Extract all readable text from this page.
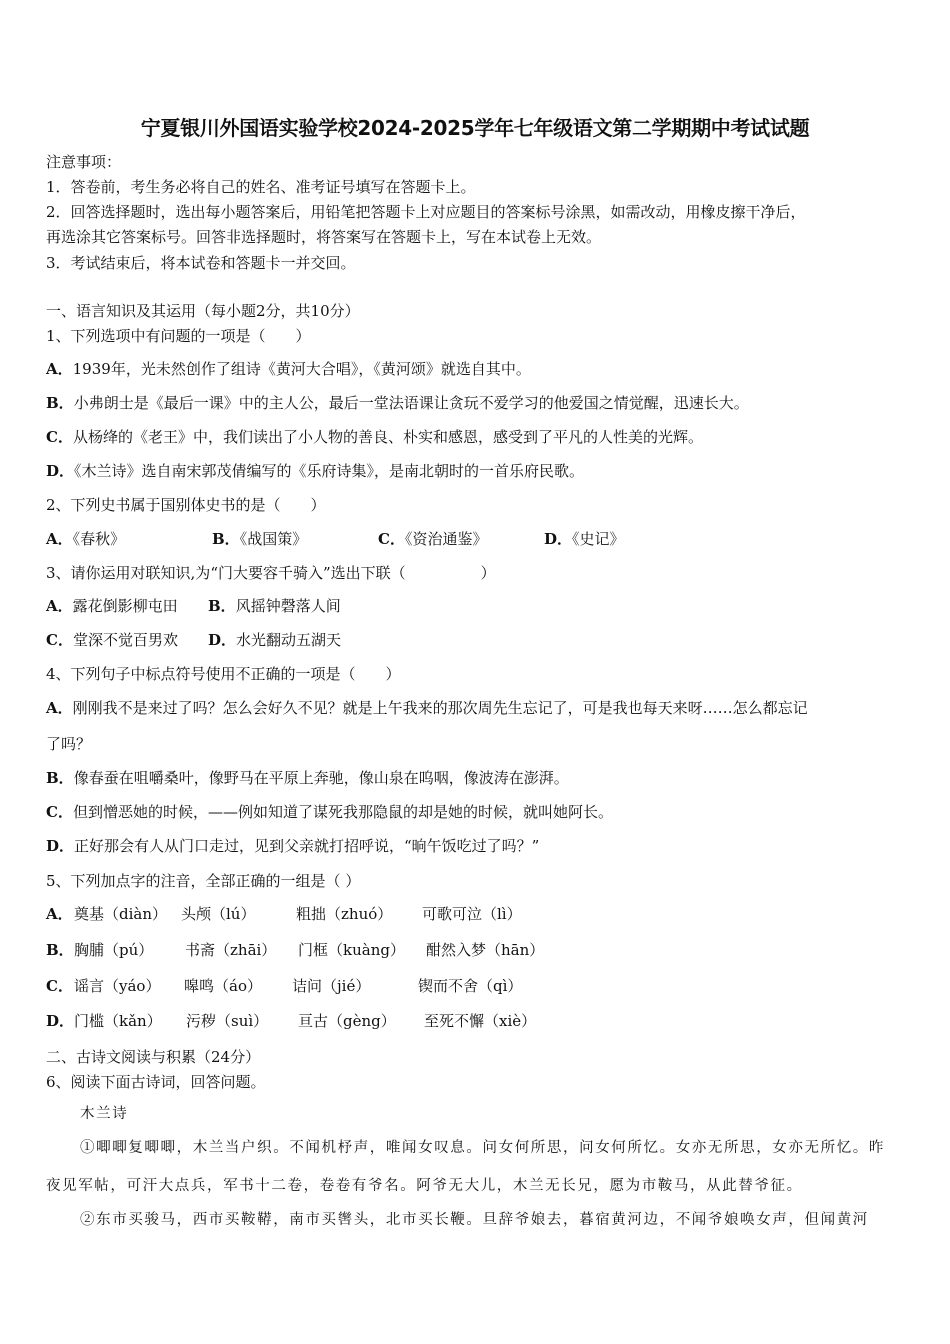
宁夏银川外国语实验学校2024-2025学年七年级语文第二学期期中考试试题
注意事项：
1．答卷前，考生务必将自己的姓名、准考证号填写在答题卡上。
2．回答选择题时，选出每小题答案后，用铅笔把答题卡上对应题目的答案标号涂黑，如需改动，用橡皮擦干净后，
再选涂其它答案标号。回答非选择题时，将答案写在答题卡上，写在本试卷上无效。
3．考试结束后，将本试卷和答题卡一并交回。
一、语言知识及其运用（每小题2分，共10分）
1、下列选项中有问题的一项是（　　）
A．1939年，光未然创作了组诗《黄河大合唱》，《黄河颂》就选自其中。
B．小弗朗士是《最后一课》中的主人公，最后一堂法语课让贪玩不爱学习的他爱国之情觉醒，迅速长大。
C．从杨绛的《老王》中，我们读出了小人物的善良、朴实和感恩，感受到了平凡的人性美的光辉。
D．《木兰诗》选自南宋郭茂倩编写的《乐府诗集》，是南北朝时的一首乐府民歌。
2、下列史书属于国别体史书的是（　　）
A．《春秋》	B．《战国策》	C．《资治通鉴》	D．《史记》
3、请你运用对联知识,为“门大要容千骑入”选出下联（　　　　　）
A．露花倒影柳屯田 B．风摇钟磬落人间
C．堂深不觉百男欢 D．水光翻动五湖天
4、下列句子中标点符号使用不正确的一项是（　　）
A．刚刚我不是来过了吗？怎么会好久不见？就是上午我来的那次周先生忘记了，可是我也每天来呀……怎么都忘记
了吗？
B．像春蚕在咀嚼桑叶，像野马在平原上奔驰，像山泉在呜咽，像波涛在澎湃。
C．但到憎恶她的时候，——例如知道了谋死我那隐鼠的却是她的时候，就叫她阿长。
D．正好那会有人从门口走过，见到父亲就打招呼说，“晌午饭吃过了吗？”
5、下列加点字的注音，全部正确的一组是（ ）
A． 奠基（diàn） 头颅（lú）	粗拙（zhuó） 可歌可泣（lì）
B． 胸脯（pú） 书斋（zhāi） 门框（kuàng） 酣然入梦（hān）
C． 谣言（yáo） 嗥鸣（áo） 诘问（jié）	锲而不舍（qì）
D． 门槛（kǎn） 污秽（suì） 亘古（gèng） 至死不懈（xiè）
二、古诗文阅读与积累（24分）
6、阅读下面古诗词，回答问题。
木兰诗
①唧唧复唧唧，木兰当户织。不闻机杼声，唯闻女叹息。问女何所思，问女何所忆。女亦无所思，女亦无所忆。昨
夜见军帖，可汗大点兵，军书十二卷，卷卷有爷名。阿爷无大儿，木兰无长兄，愿为市鞍马，从此替爷征。
②东市买骏马，西市买鞍鞯，南市买辔头，北市买长鞭。旦辞爷娘去，暮宿黄河边，不闻爷娘唤女声，但闻黄河
